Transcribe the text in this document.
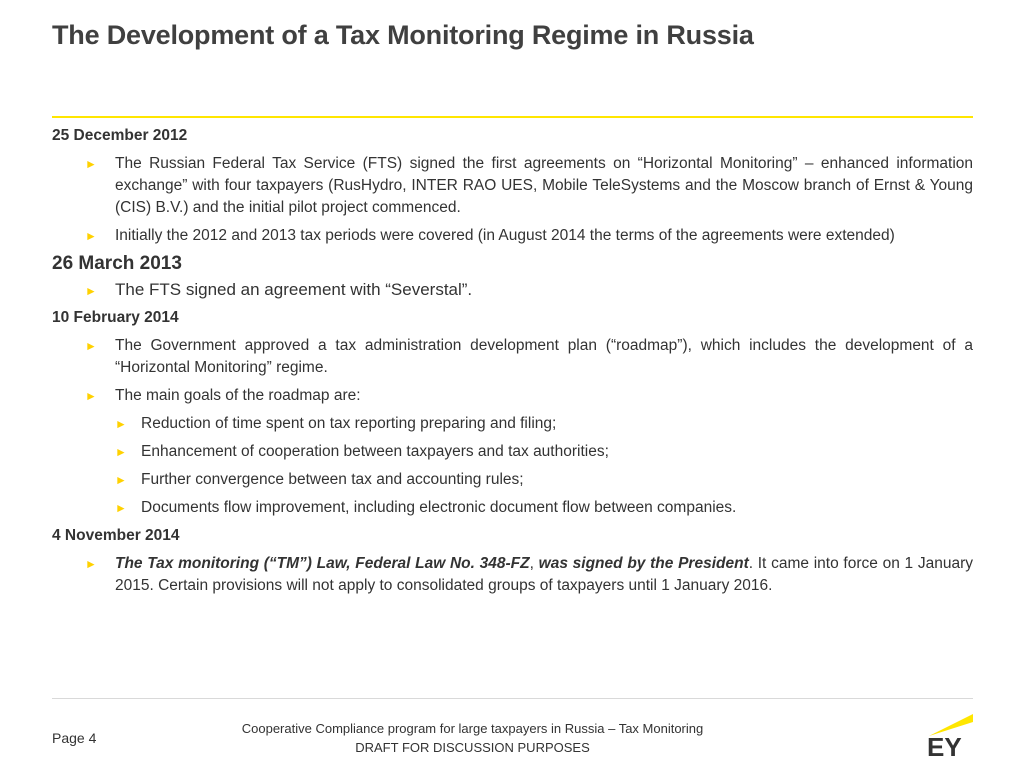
The Development of a Tax Monitoring Regime in Russia

25 December 2012

► The Russian Federal Tax Service (FTS) signed the first agreements on “Horizontal Monitoring” – enhanced information exchange” with four taxpayers (RusHydro, INTER RAO UES, Mobile TeleSystems and the Moscow branch of Ernst & Young (CIS) B.V.) and the initial pilot project commenced.
► Initially the 2012 and 2013 tax periods were covered (in August 2014 the terms of the agreements were extended)

26 March 2013

► The FTS signed an agreement with “Severstal”.

10 February 2014

► The Government approved a tax administration development plan (“roadmap”), which includes the development of a “Horizontal Monitoring” regime.
► The main goals of the roadmap are:
► Reduction of time spent on tax reporting preparing and filing;
► Enhancement of cooperation between taxpayers and tax authorities;
► Further convergence between tax and accounting rules;
► Documents flow improvement, including electronic document flow between companies.

4 November 2014

► The Tax monitoring (“TM”) Law, Federal Law No. 348-FZ, was signed by the President. It came into force on 1 January 2015. Certain provisions will not apply to consolidated groups of taxpayers until 1 January 2016.
Page 4
Cooperative Compliance program for large taxpayers in Russia – Tax Monitoring
DRAFT FOR DISCUSSION PURPOSES	EY
